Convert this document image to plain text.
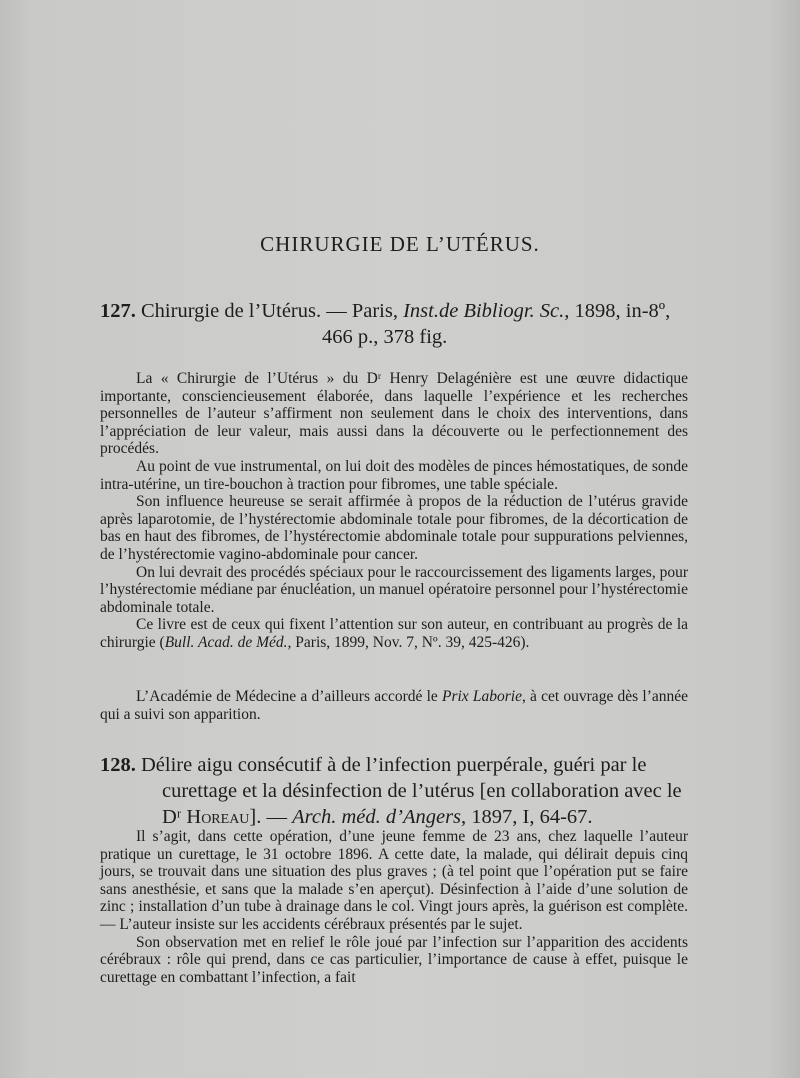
CHIRURGIE DE L’UTÉRUS.
127. Chirurgie de l’Utérus. — Paris, Inst.de Bibliogr. Sc., 1898, in-8º,
466 p., 378 fig.

La « Chirurgie de l’Utérus » du Dʳ Henry Delagénière est une œuvre didactique importante, consciencieusement élaborée, dans laquelle l’expérience et les recherches personnelles de l’auteur s’affirment non seulement dans le choix des interventions, dans l’appréciation de leur valeur, mais aussi dans la découverte ou le perfectionnement des procédés.

Au point de vue instrumental, on lui doit des modèles de pinces hémostatiques, de sonde intra-utérine, un tire-bouchon à traction pour fibromes, une table spéciale.

Son influence heureuse se serait affirmée à propos de la réduction de l’utérus gravide après laparotomie, de l’hystérectomie abdominale totale pour fibromes, de la décortication de bas en haut des fibromes, de l’hystérectomie abdominale totale pour suppurations pelviennes, de l’hystérectomie vagino-abdominale pour cancer.

On lui devrait des procédés spéciaux pour le raccourcissement des ligaments larges, pour l’hystérectomie médiane par énucléation, un manuel opératoire personnel pour l’hystérectomie abdominale totale.

Ce livre est de ceux qui fixent l’attention sur son auteur, en contribuant au progrès de la chirurgie (Bull. Acad. de Méd., Paris, 1899, Nov. 7, Nº. 39, 425-426).

L’Académie de Médecine a d’ailleurs accordé le Prix Laborie, à cet ouvrage dès l’année qui a suivi son apparition.

128. Délire aigu consécutif à de l’infection puerpérale, guéri par le
curettage et la désinfection de l’utérus [en collaboration avec le
Dʳ Horeau]. — Arch. méd. d’Angers, 1897, I, 64-67.

Il s’agit, dans cette opération, d’une jeune femme de 23 ans, chez laquelle l’auteur pratique un curettage, le 31 octobre 1896. A cette date, la malade, qui délirait depuis cinq jours, se trouvait dans une situation des plus graves ; (à tel point que l’opération put se faire sans anesthésie, et sans que la malade s’en aperçut). Désinfection à l’aide d’une solution de zinc ; installation d’un tube à drainage dans le col. Vingt jours après, la guérison est complète. — L’auteur insiste sur les accidents cérébraux présentés par le sujet.

Son observation met en relief le rôle joué par l’infection sur l’apparition des accidents cérébraux : rôle qui prend, dans ce cas particulier, l’importance de cause à effet, puisque le curettage en combattant l’infection, a fait
